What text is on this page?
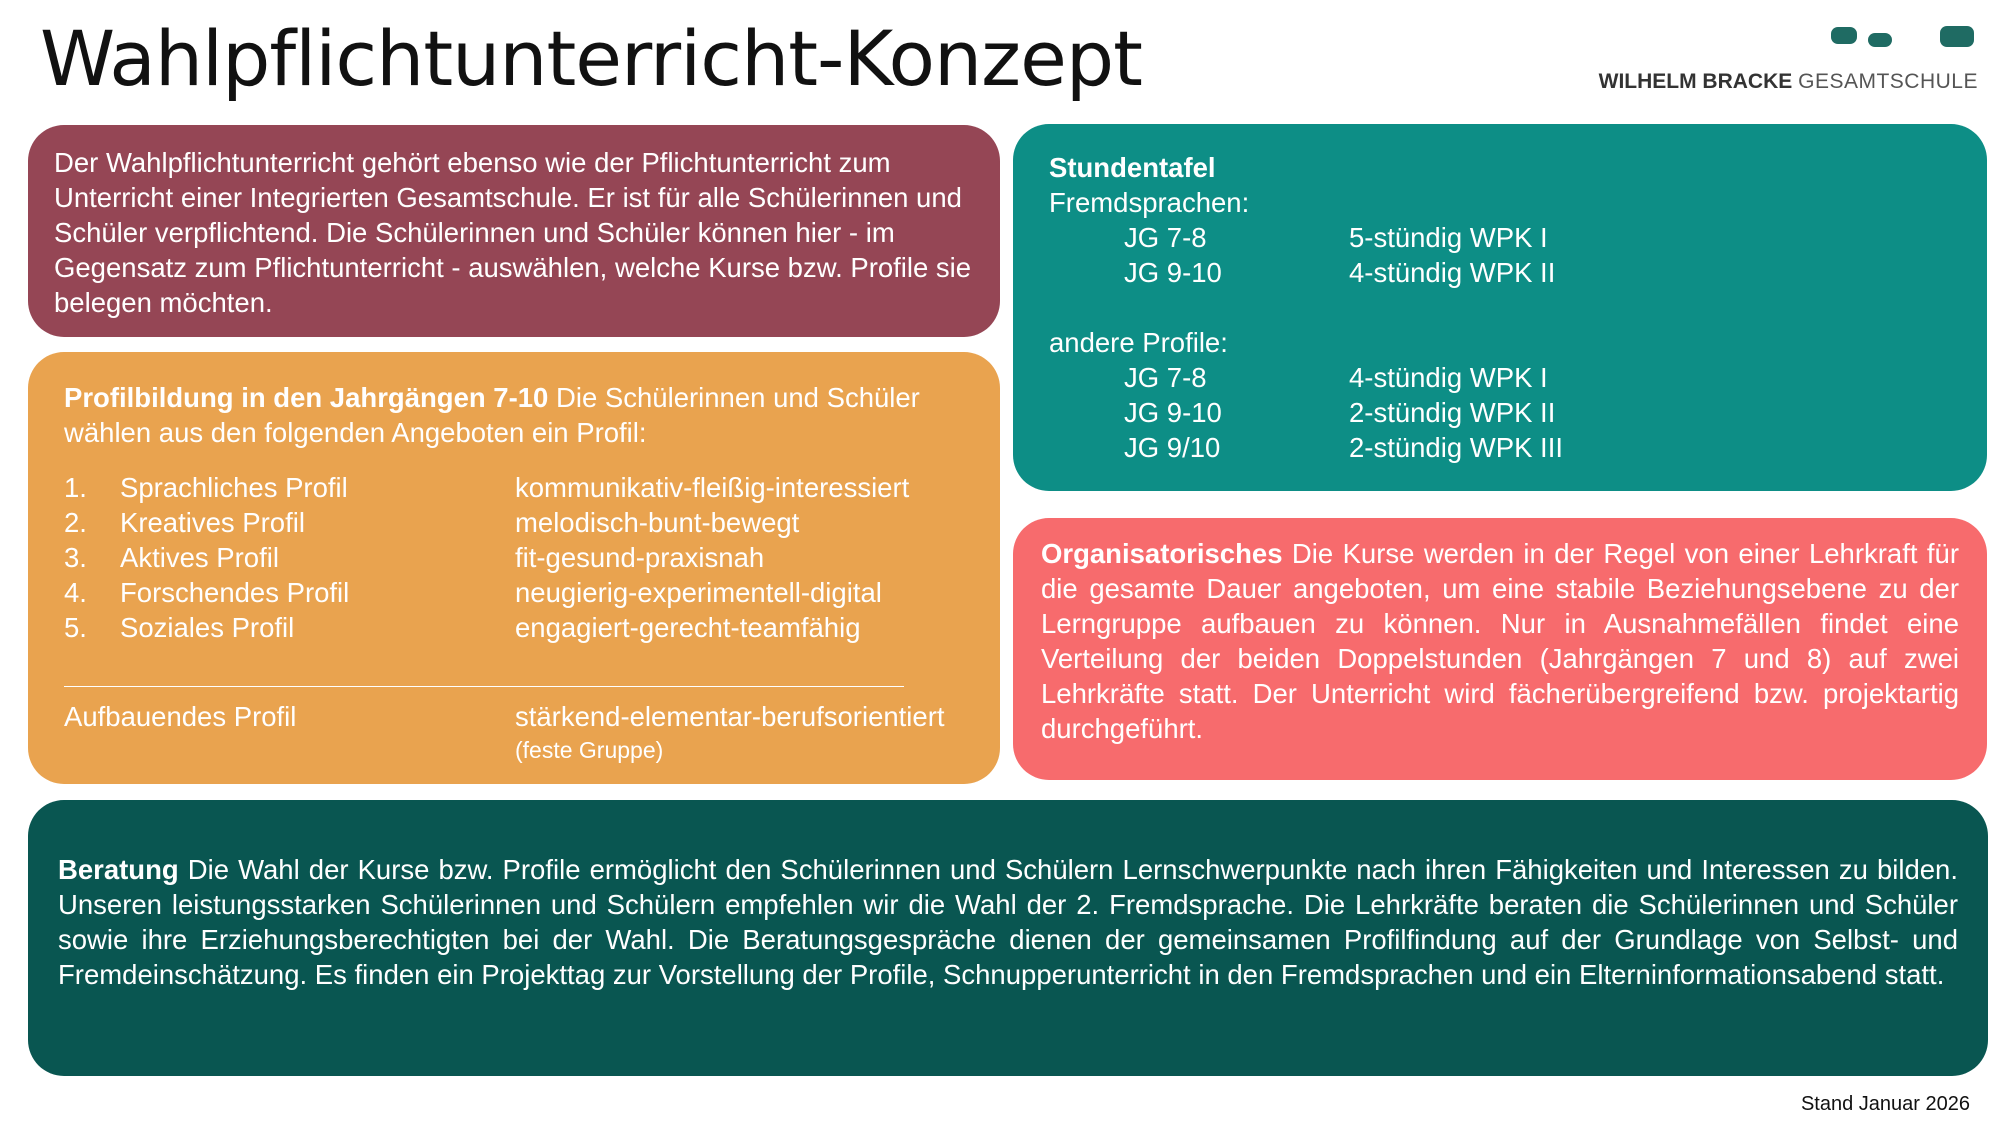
Wahlpflichtunterricht-Konzept	WILHELM BRACKE GESAMTSCHULE
Der Wahlpflichtunterricht gehört ebenso wie der Pflichtunterricht zum Unterricht einer Integrierten Gesamtschule. Er ist für alle Schülerinnen und Schüler verpflichtend. Die Schülerinnen und Schüler können hier - im Gegensatz zum Pflichtunterricht - auswählen, welche Kurse bzw. Profile sie belegen möchten.
Profilbildung in den Jahrgängen 7-10 Die Schülerinnen und Schüler wählen aus den folgenden Angeboten ein Profil:
1.	Sprachliches Profil	kommunikativ-fleißig-interessiert
2.	Kreatives Profil	melodisch-bunt-bewegt
3.	Aktives Profil	fit-gesund-praxisnah
4.	Forschendes Profil	neugierig-experimentell-digital
5.	Soziales Profil	engagiert-gerecht-teamfähig
Aufbauendes Profil	stärkend-elementar-berufsorientiert
(feste Gruppe)
Stundentafel
Fremdsprachen:
JG 7-8	5-stündig WPK I
JG 9-10	4-stündig WPK II
andere Profile:
JG 7-8	4-stündig WPK I
JG 9-10	2-stündig WPK II
JG 9/10	2-stündig WPK III
Organisatorisches Die Kurse werden in der Regel von einer Lehrkraft für die gesamte Dauer angeboten, um eine stabile Beziehungsebene zu der Lerngruppe aufbauen zu können. Nur in Ausnahmefällen findet eine Verteilung der beiden Doppelstunden (Jahrgängen 7 und 8) auf zwei Lehrkräfte statt. Der Unterricht wird fächerübergreifend bzw. projektartig durchgeführt.
Beratung Die Wahl der Kurse bzw. Profile ermöglicht den Schülerinnen und Schülern Lernschwerpunkte nach ihren Fähigkeiten und Interessen zu bilden. Unseren leistungsstarken Schülerinnen und Schülern empfehlen wir die Wahl der 2. Fremdsprache. Die Lehrkräfte beraten die Schülerinnen und Schüler sowie ihre Erziehungsberechtigten bei der Wahl. Die Beratungsgespräche dienen der gemeinsamen Profilfindung auf der Grundlage von Selbst- und Fremdeinschätzung. Es finden ein Projekttag zur Vorstellung der Profile, Schnupperunterricht in den Fremdsprachen und ein Elterninformationsabend statt.
Stand Januar 2026
